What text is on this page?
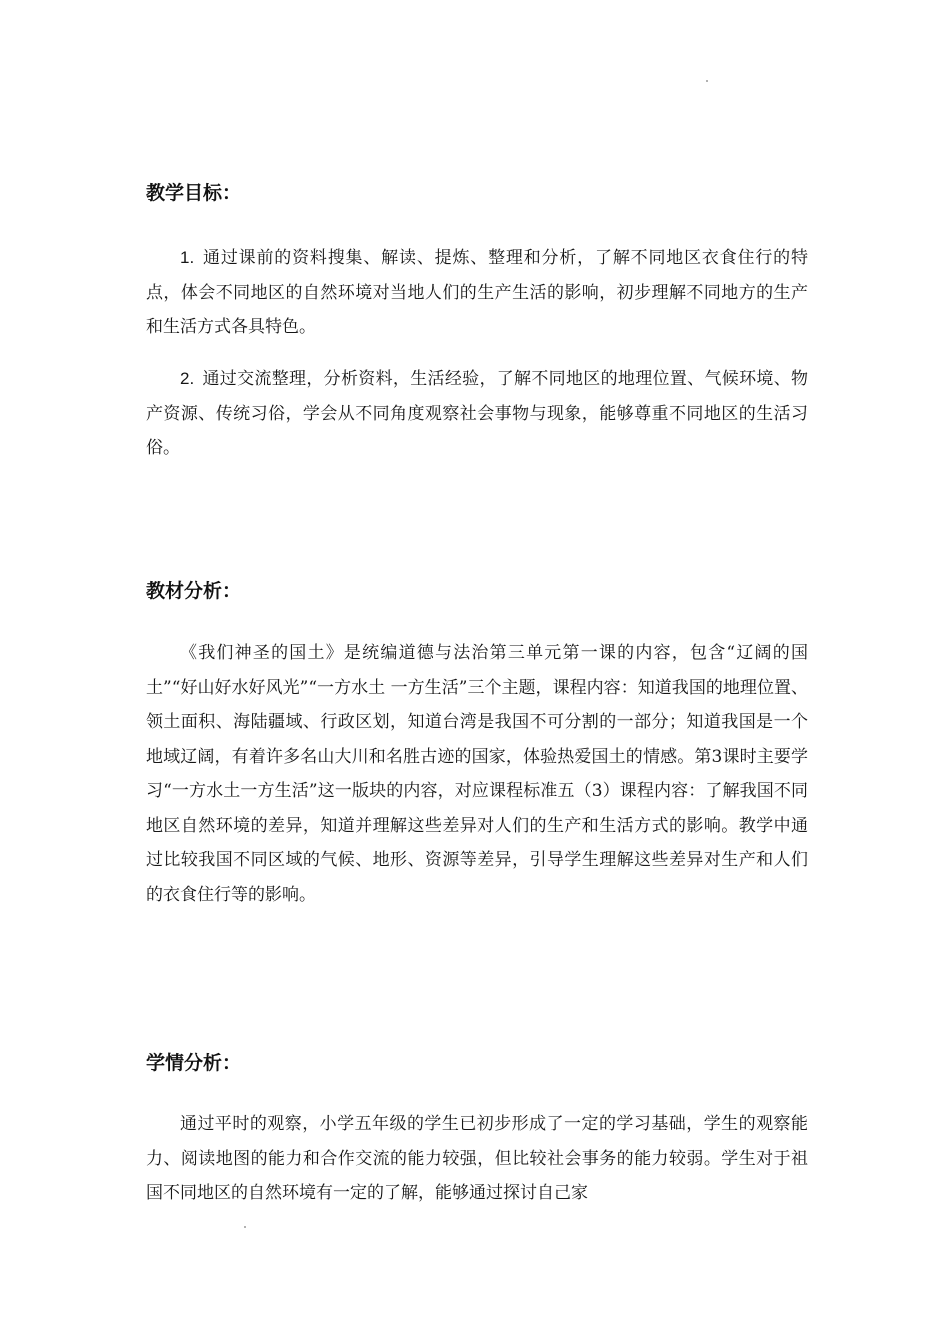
教学目标：

1. 通过课前的资料搜集、解读、提炼、整理和分析，了解不同地区衣食住行的特点，体会不同地区的自然环境对当地人们的生产生活的影响，初步理解不同地方的生产和生活方式各具特色。

2. 通过交流整理，分析资料，生活经验，了解不同地区的地理位置、气候环境、物产资源、传统习俗，学会从不同角度观察社会事物与现象，能够尊重不同地区的生活习俗。

教材分析：

《我们神圣的国土》是统编道德与法治第三单元第一课的内容，包含“辽阔的国土”“好山好水好风光”“一方水土 一方生活”三个主题，课程内容：知道我国的地理位置、领土面积、海陆疆域、行政区划，知道台湾是我国不可分割的一部分；知道我国是一个地域辽阔，有着许多名山大川和名胜古迹的国家，体验热爱国土的情感。第3课时主要学习“一方水土一方生活”这一版块的内容，对应课程标准五（3）课程内容：了解我国不同地区自然环境的差异，知道并理解这些差异对人们的生产和生活方式的影响。教学中通过比较我国不同区域的气候、地形、资源等差异，引导学生理解这些差异对生产和人们的衣食住行等的影响。

学情分析：

通过平时的观察，小学五年级的学生已初步形成了一定的学习基础，学生的观察能力、阅读地图的能力和合作交流的能力较强，但比较社会事务的能力较弱。学生对于祖国不同地区的自然环境有一定的了解，能够通过探讨自己家
